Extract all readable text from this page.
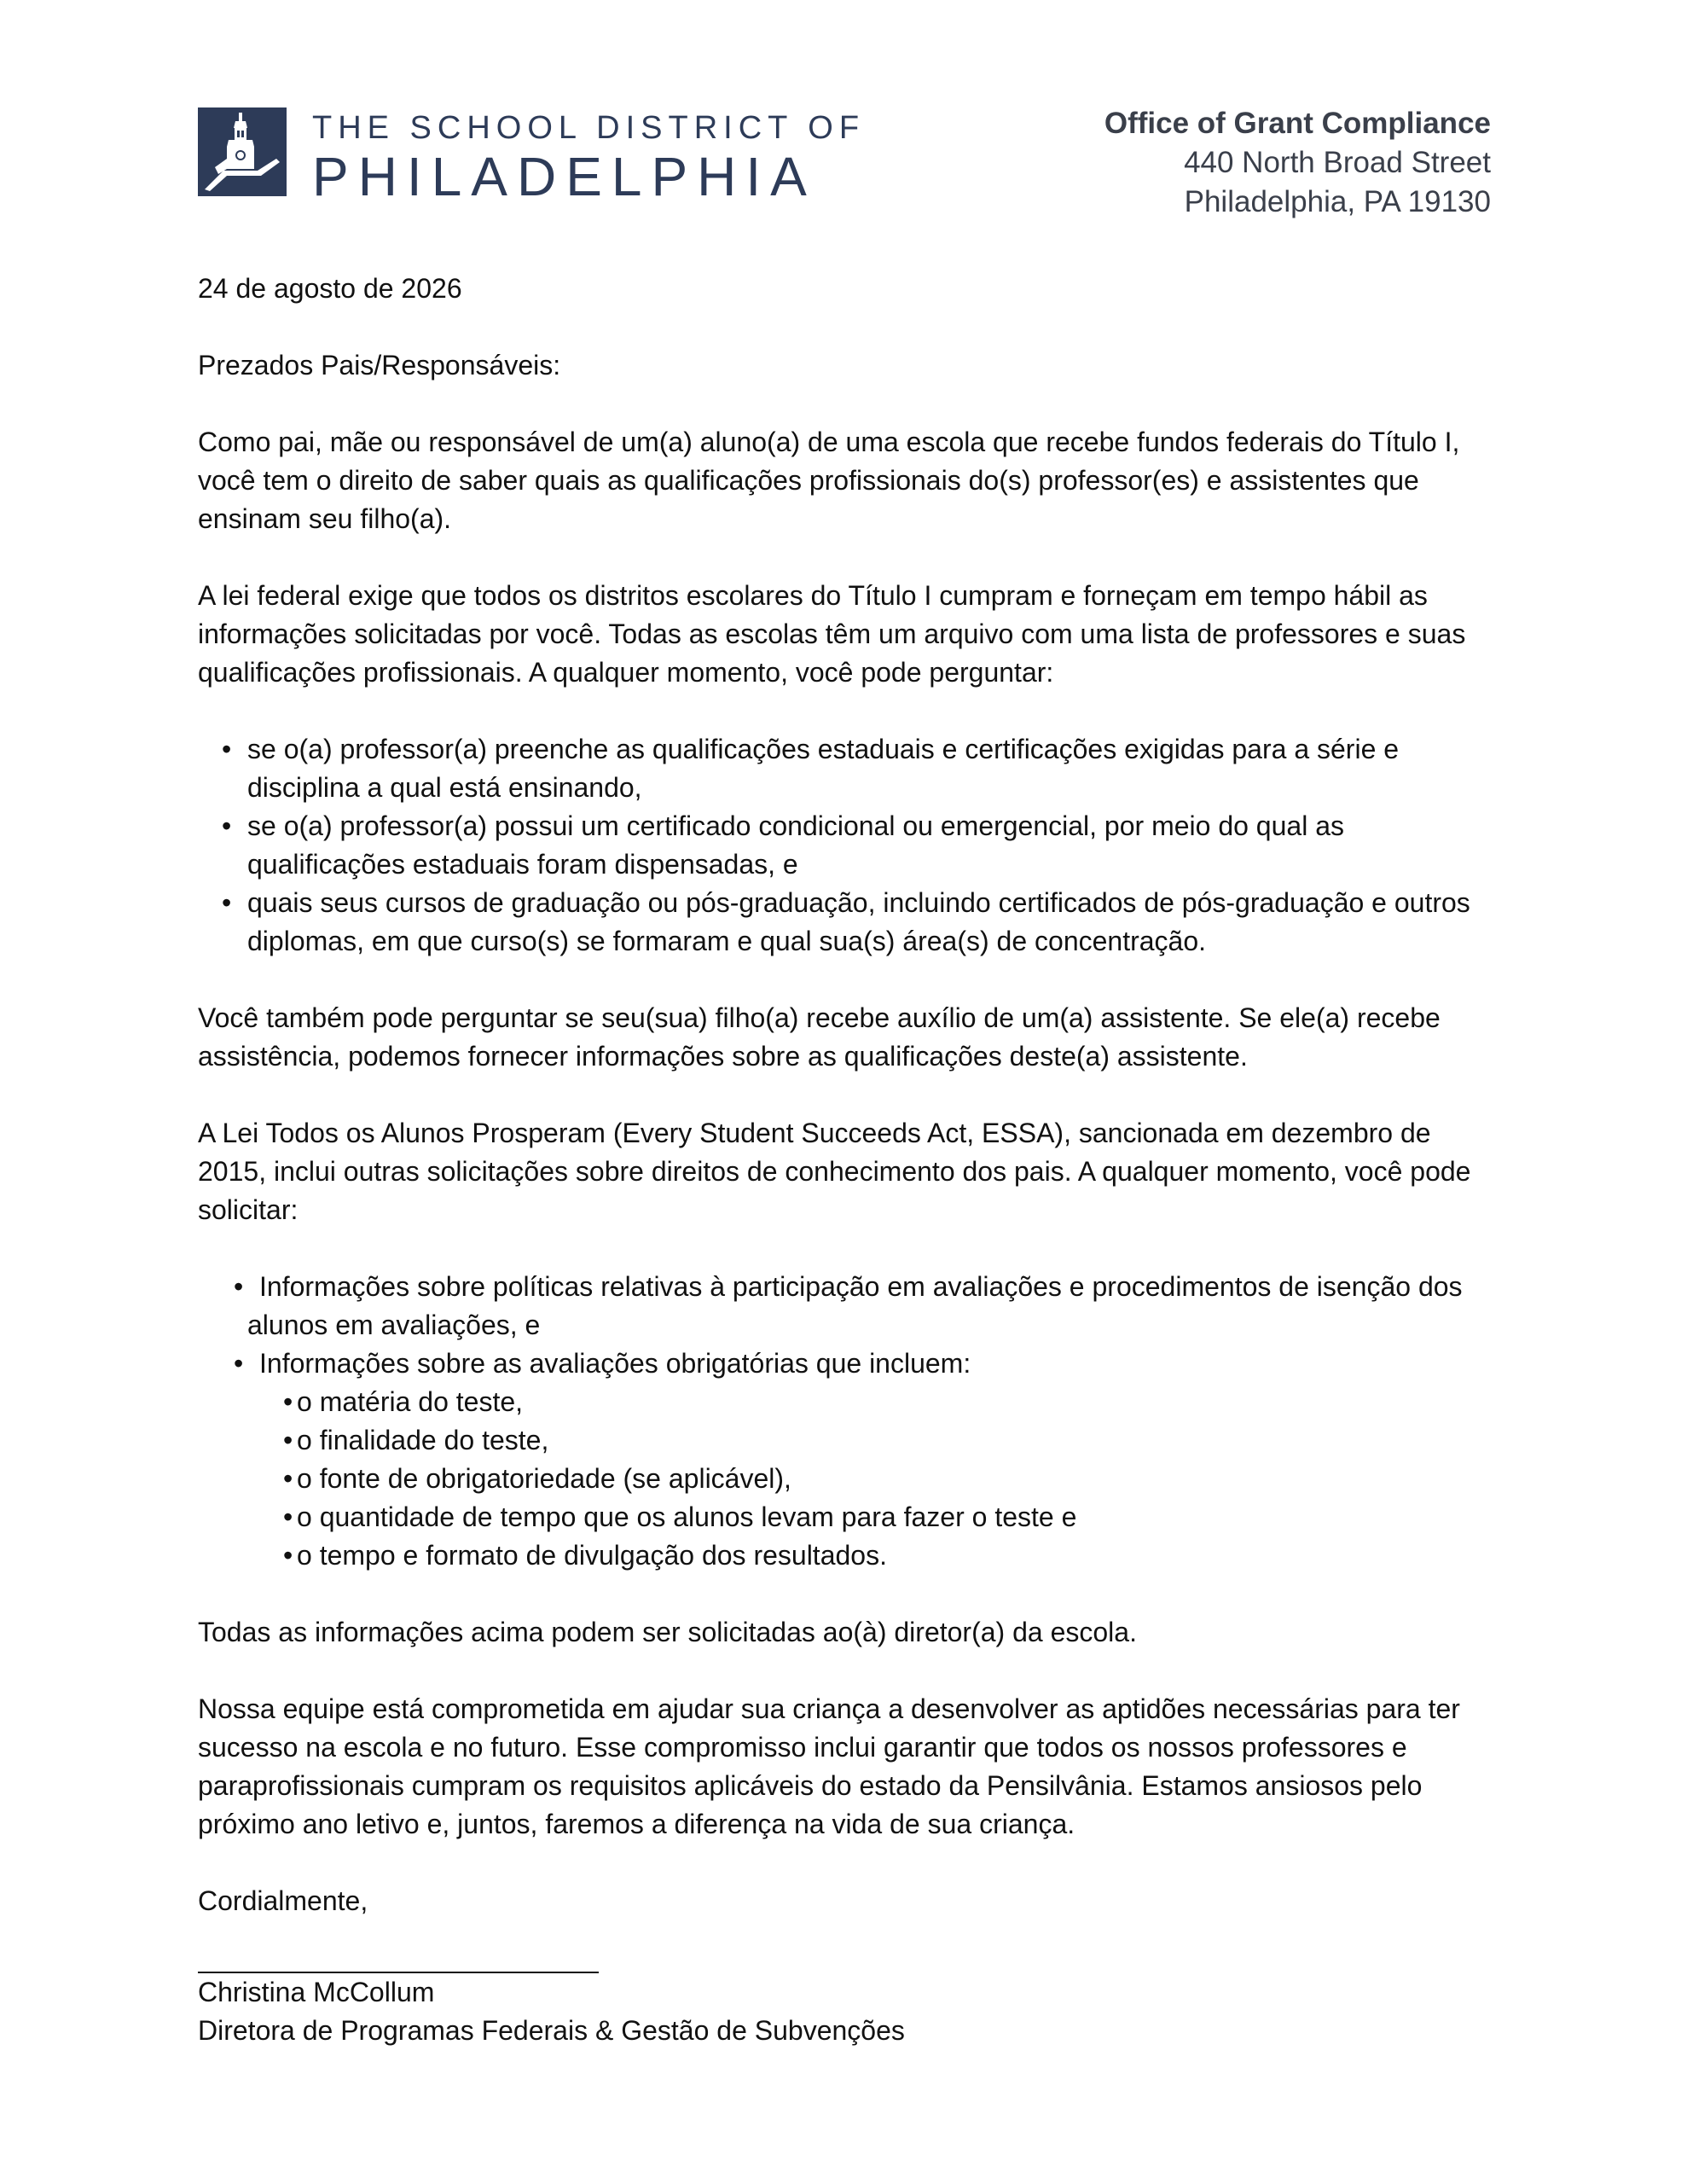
THE SCHOOL DISTRICT OF
PHILADELPHIA
Office of Grant Compliance
440 North Broad Street
Philadelphia, PA 19130

24 de agosto de 2026

Prezados Pais/Responsáveis:

Como pai, mãe ou responsável de um(a) aluno(a) de uma escola que recebe fundos federais do Título I, você tem o direito de saber quais as qualificações profissionais do(s) professor(es) e assistentes que ensinam seu filho(a).

A lei federal exige que todos os distritos escolares do Título I cumpram e forneçam em tempo hábil as informações solicitadas por você. Todas as escolas têm um arquivo com uma lista de professores e suas qualificações profissionais. A qualquer momento, você pode perguntar:

• se o(a) professor(a) preenche as qualificações estaduais e certificações exigidas para a série e disciplina a qual está ensinando,
• se o(a) professor(a) possui um certificado condicional ou emergencial, por meio do qual as qualificações estaduais foram dispensadas, e
• quais seus cursos de graduação ou pós-graduação, incluindo certificados de pós-graduação e outros diplomas, em que curso(s) se formaram e qual sua(s) área(s) de concentração.

Você também pode perguntar se seu(sua) filho(a) recebe auxílio de um(a) assistente. Se ele(a) recebe assistência, podemos fornecer informações sobre as qualificações deste(a) assistente.

A Lei Todos os Alunos Prosperam (Every Student Succeeds Act, ESSA), sancionada em dezembro de 2015, inclui outras solicitações sobre direitos de conhecimento dos pais. A qualquer momento, você pode solicitar:

• Informações sobre políticas relativas à participação em avaliações e procedimentos de isenção dos alunos em avaliações, e
• Informações sobre as avaliações obrigatórias que incluem:
• o matéria do teste,
• o finalidade do teste,
• o fonte de obrigatoriedade (se aplicável),
• o quantidade de tempo que os alunos levam para fazer o teste e
• o tempo e formato de divulgação dos resultados.

Todas as informações acima podem ser solicitadas ao(à) diretor(a) da escola.

Nossa equipe está comprometida em ajudar sua criança a desenvolver as aptidões necessárias para ter sucesso na escola e no futuro. Esse compromisso inclui garantir que todos os nossos professores e paraprofissionais cumpram os requisitos aplicáveis do estado da Pensilvânia. Estamos ansiosos pelo próximo ano letivo e, juntos, faremos a diferença na vida de sua criança.

Cordialmente,

Christina McCollum
Diretora de Programas Federais & Gestão de Subvenções
